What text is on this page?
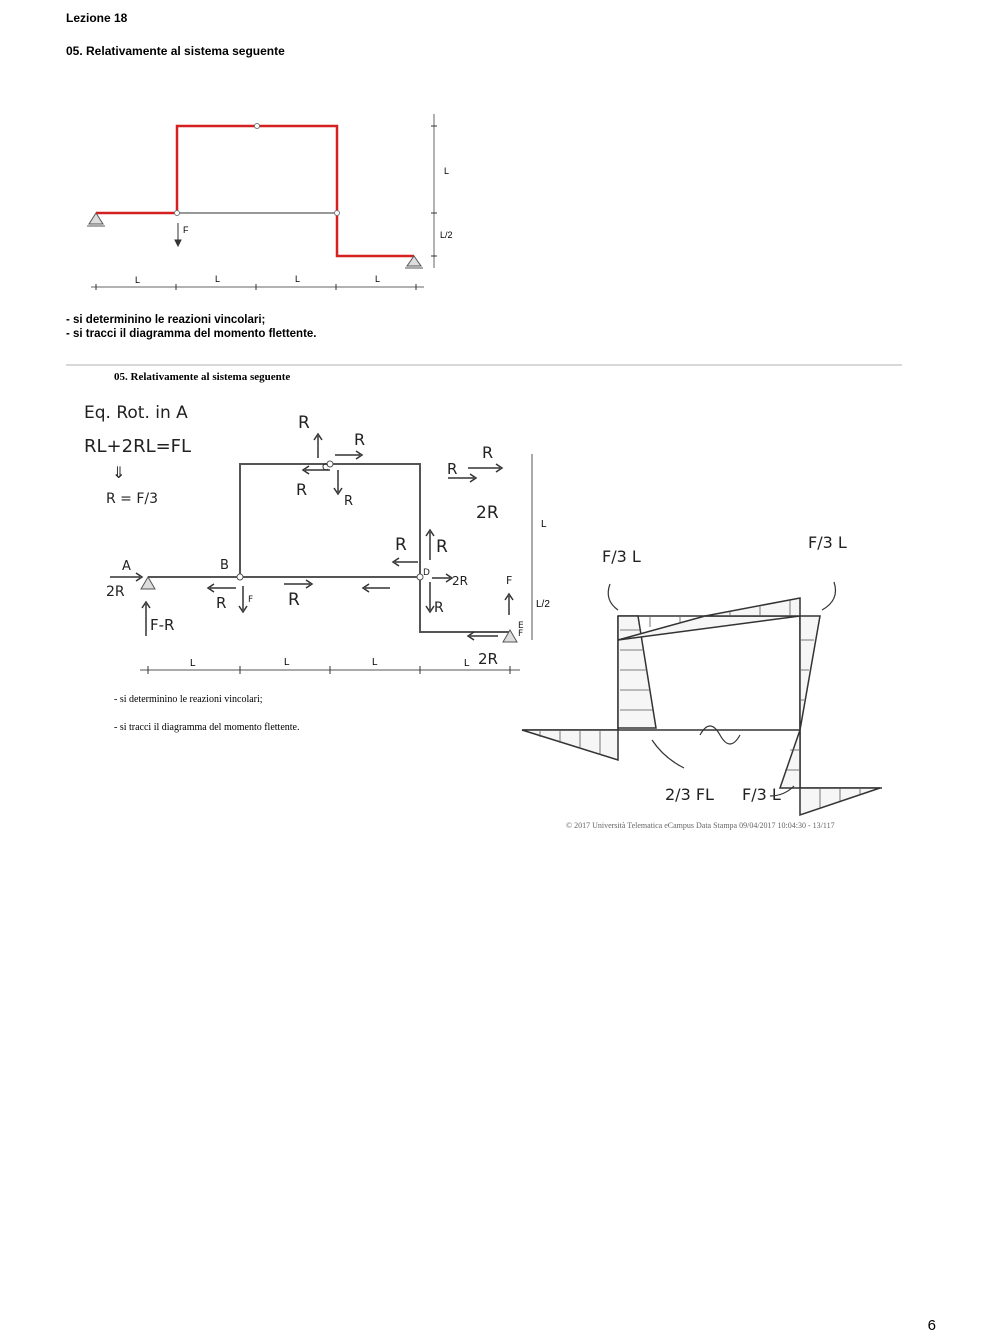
Lezione 18
05. Relativamente al sistema seguente
F
L	L	L	L
L
L/2
- si determinino le reazioni vincolari;
- si tracci il diagramma del momento flettente.
05. Relativamente al sistema seguente
Eq. Rot. in A
RL+2RL=FL
⇓
R = F/3
A	B
C
D
E
R
R
R
R
R
R
R R
R
2R
2R
2R
2R
F-R
F
F
F
R	R
L	L	L	L
L
L/2
- si determinino le reazioni vincolari;
- si tracci il diagramma del momento flettente.
F/3 L
F/3 L
2/3 FL F/3 L
© 2017 Università Telematica eCampus Data Stampa 09/04/2017 10:04:30 - 13/117
6
